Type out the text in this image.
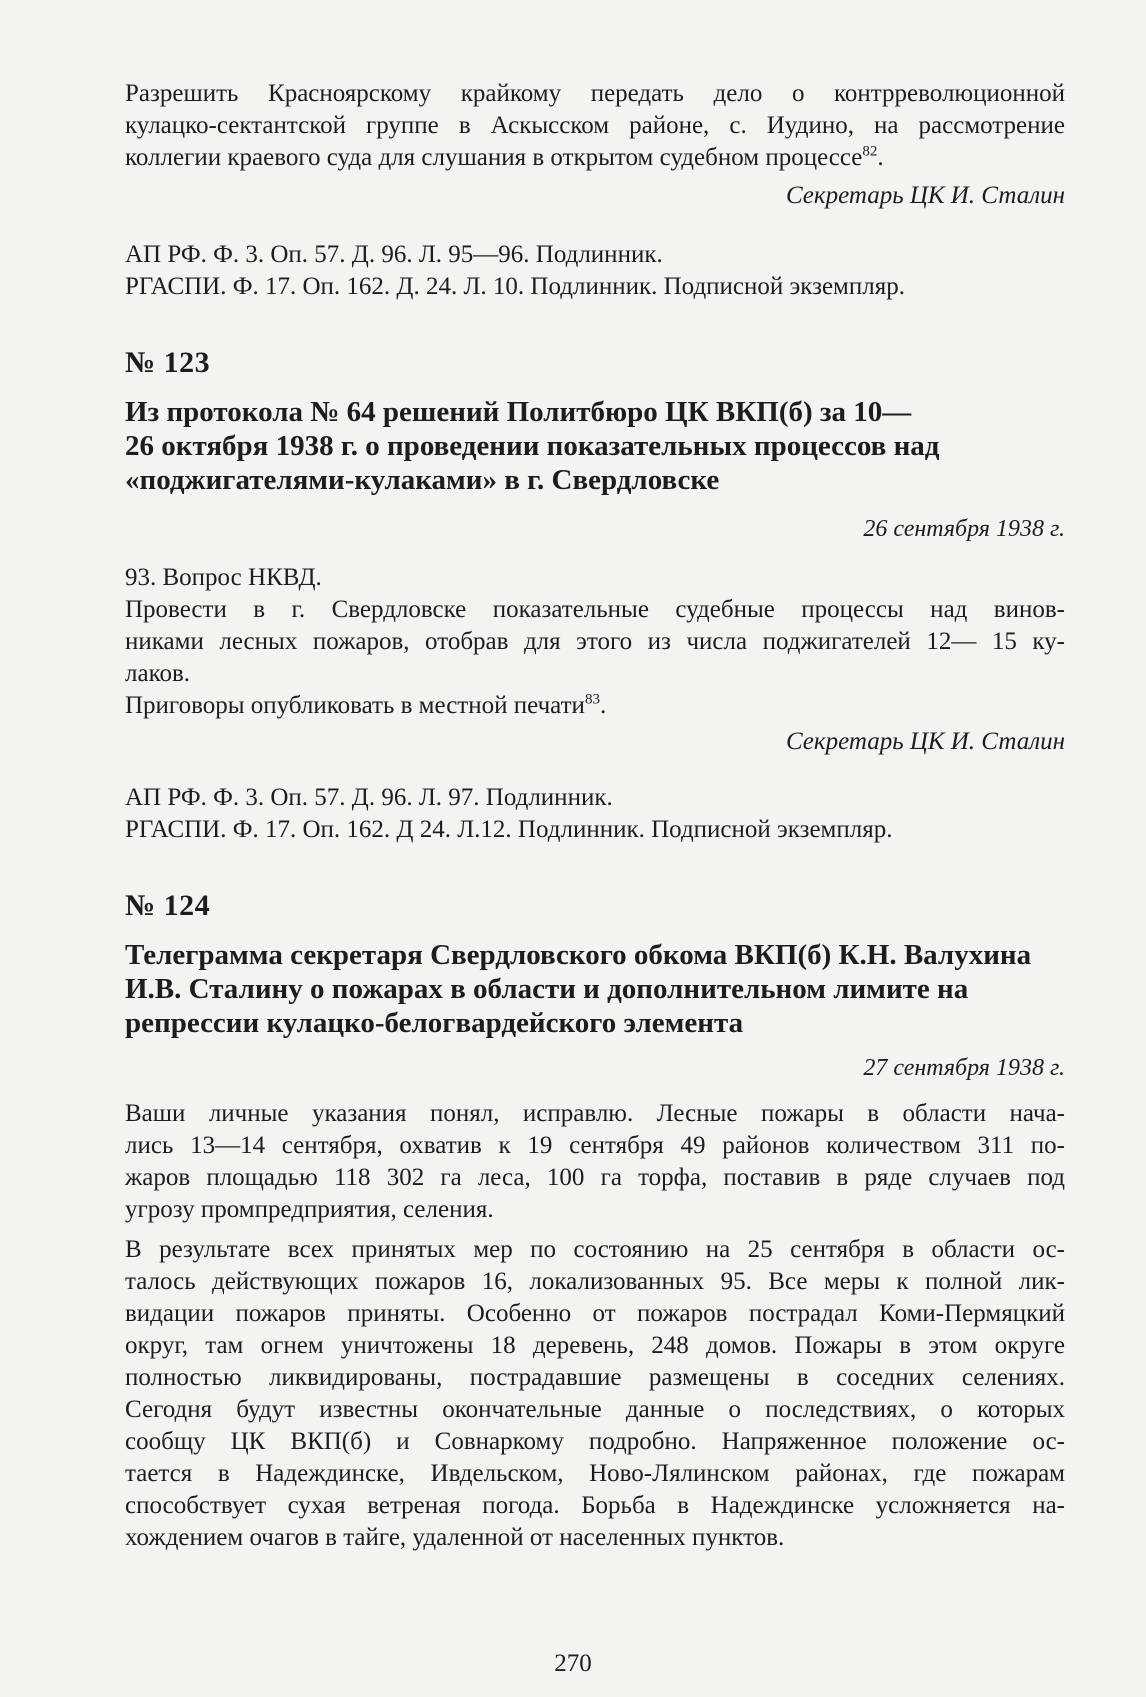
Разрешить Красноярскому крайкому передать дело о контрреволюционной
кулацко-сектантской группе в Аскысском районе, с. Иудино, на рассмотрение
коллегии краевого суда для слушания в открытом судебном процессе$^{82}$.
Секретарь ЦК И. Сталин
АП РФ. Ф. 3. Оп. 57. Д. 96. Л. 95—96. Подлинник.
РГАСПИ. Ф. 17. Оп. 162. Д. 24. Л. 10. Подлинник. Подписной экземпляр.
№ 123
Из протокола № 64 решений Политбюро ЦК ВКП(б) за 10—
26 октября 1938 г. о проведении показательных процессов над
«поджигателями-кулаками» в г. Свердловске
26 сентября 1938 г.
93. Вопрос НКВД.
Провести в г. Свердловске показательные судебные процессы над винов-
никами лесных пожаров, отобрав для этого из числа поджигателей 12— 15 ку-
лаков.
Приговоры опубликовать в местной печати$^{83}$.
Секретарь ЦК И. Сталин
АП РФ. Ф. 3. Оп. 57. Д. 96. Л. 97. Подлинник.
РГАСПИ. Ф. 17. Оп. 162. Д 24. Л.12. Подлинник. Подписной экземпляр.
№ 124
Телеграмма секретаря Свердловского обкома ВКП(б) К.Н. Валухина
И.В. Сталину о пожарах в области и дополнительном лимите на
репрессии кулацко-белогвардейского элемента
27 сентября 1938 г.
Ваши личные указания понял, исправлю. Лесные пожары в области нача-
лись 13—14 сентября, охватив к 19 сентября 49 районов количеством 311 по-
жаров площадью 118 302 га леса, 100 га торфа, поставив в ряде случаев под
угрозу промпредприятия, селения.
В результате всех принятых мер по состоянию на 25 сентября в области ос-
талось действующих пожаров 16, локализованных 95. Все меры к полной лик-
видации пожаров приняты. Особенно от пожаров пострадал Коми-Пермяцкий
округ, там огнем уничтожены 18 деревень, 248 домов. Пожары в этом округе
полностью ликвидированы, пострадавшие размещены в соседних селениях.
Сегодня будут известны окончательные данные о последствиях, о которых
сообщу ЦК ВКП(б) и Совнаркому подробно. Напряженное положение ос-
тается в Надеждинске, Ивдельском, Ново-Лялинском районах, где пожарам
способствует сухая ветреная погода. Борьба в Надеждинске усложняется на-
хождением очагов в тайге, удаленной от населенных пунктов.
270
